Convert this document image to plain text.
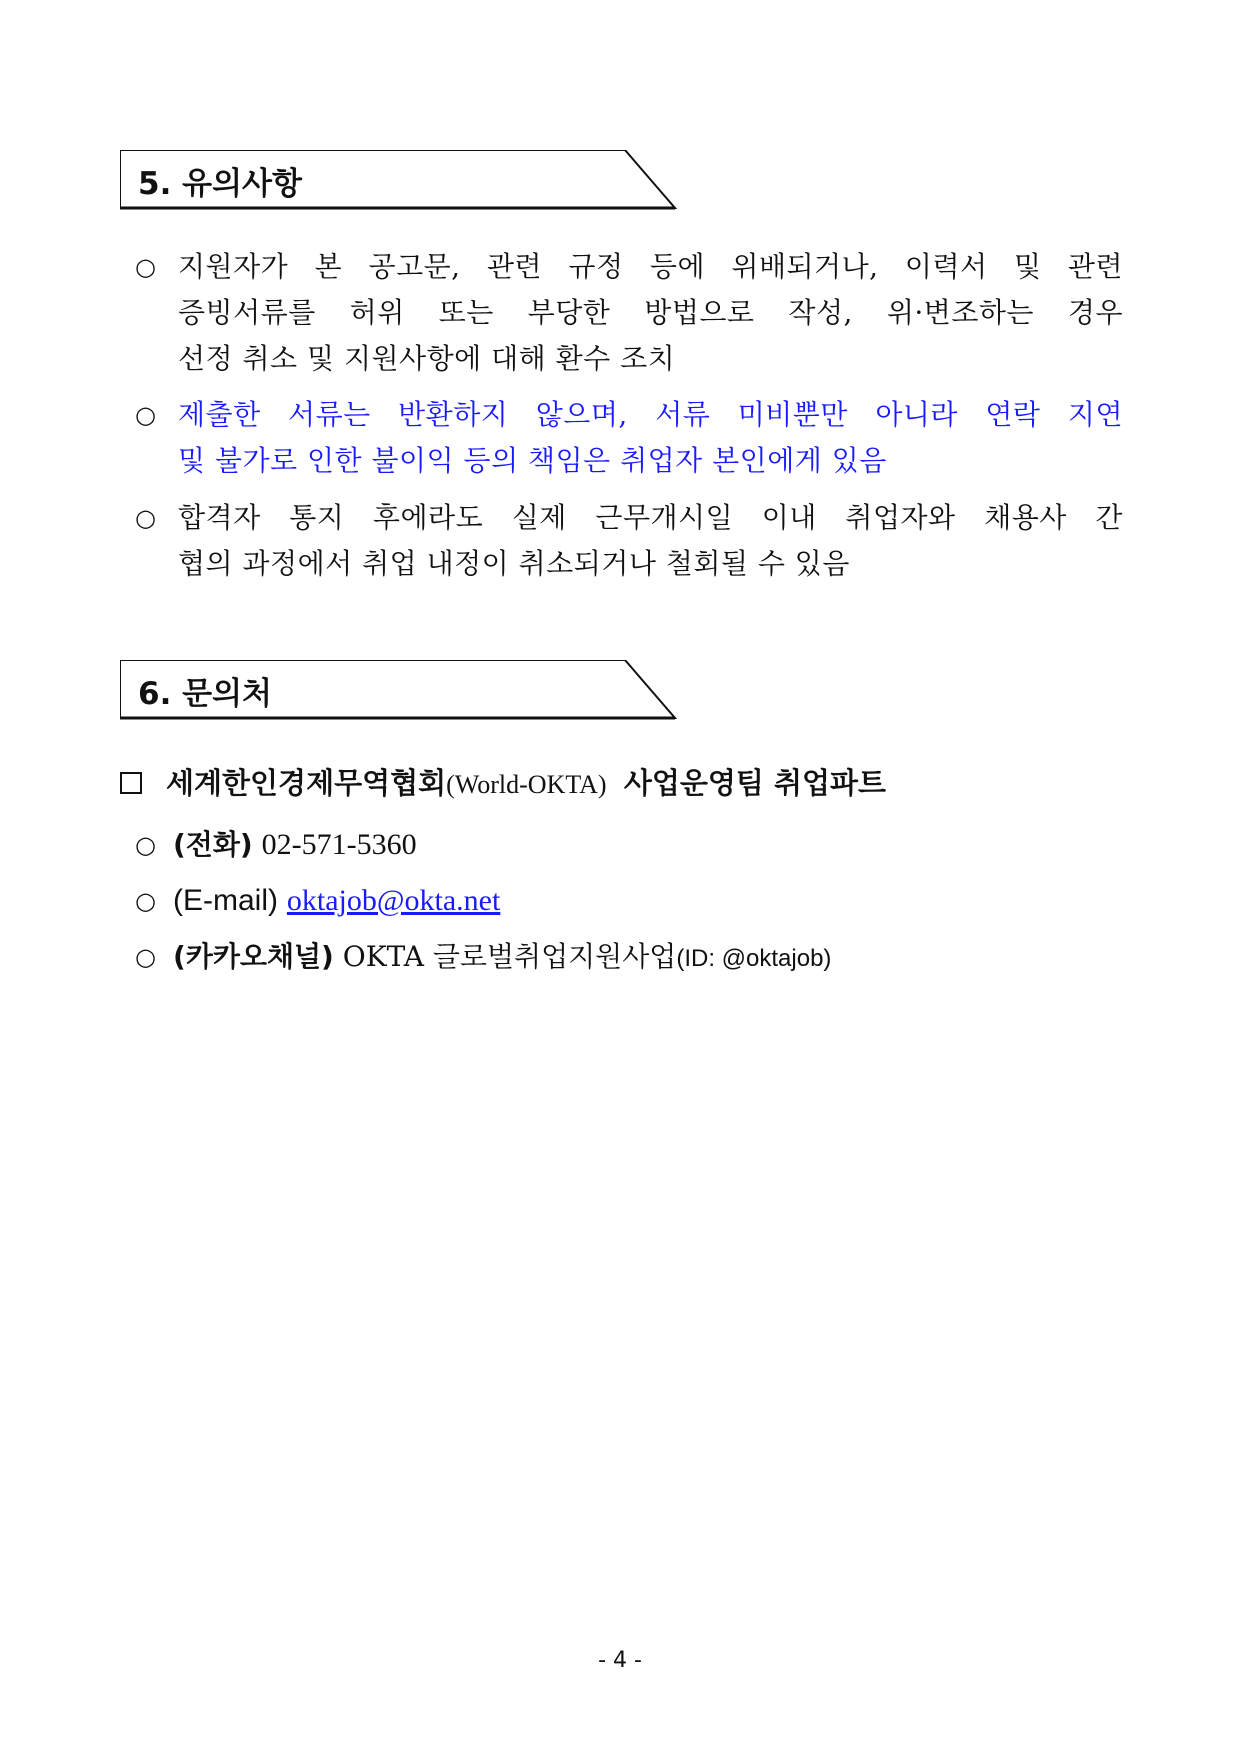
5. 유의사항
○ 지원자가 본 공고문, 관련 규정 등에 위배되거나, 이력서 및 관련
증빙서류를 허위 또는 부당한 방법으로 작성, 위·변조하는 경우
선정 취소 및 지원사항에 대해 환수 조치
○ 제출한 서류는 반환하지 않으며, 서류 미비뿐만 아니라 연락 지연
및 불가로 인한 불이익 등의 책임은 취업자 본인에게 있음
○ 합격자 통지 후에라도 실제 근무개시일 이내 취업자와 채용사 간
협의 과정에서 취업 내정이 취소되거나 철회될 수 있음
6. 문의처
세계한인경제무역협회(World-OKTA) 사업운영팀 취업파트
○ (전화) 02-571-5360
○ (E-mail) oktajob@okta.net
○ (카카오채널) OKTA 글로벌취업지원사업(ID: @oktajob)
- 4 -
